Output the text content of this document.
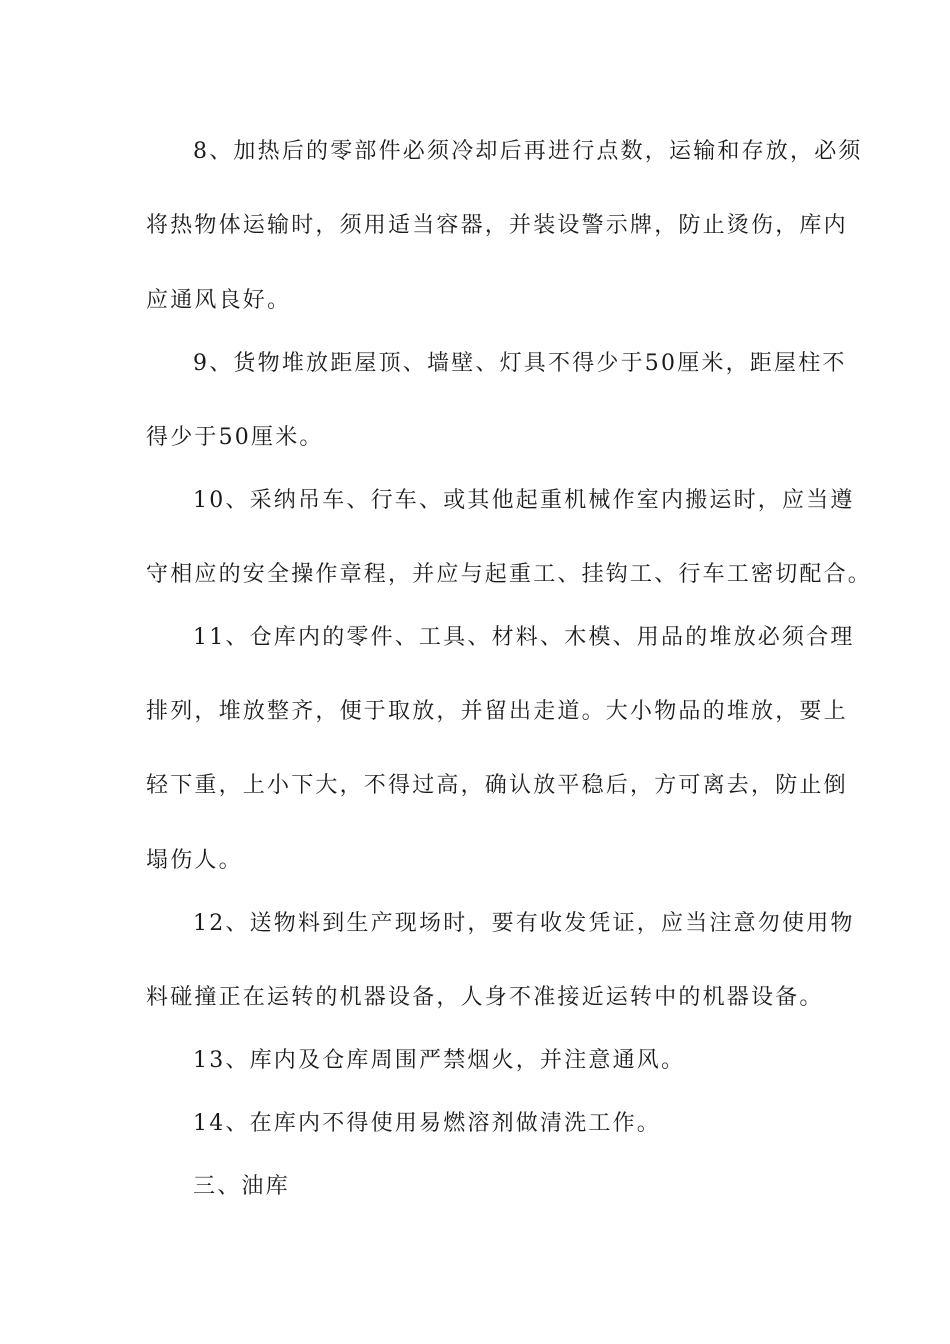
8、加热后的零部件必须冷却后再进行点数，运输和存放，必须
将热物体运输时，须用适当容器，并装设警示牌，防止烫伤，库内
应通风良好。
9、货物堆放距屋顶、墙壁、灯具不得少于50厘米，距屋柱不
得少于50厘米。
10、采纳吊车、行车、或其他起重机械作室内搬运时，应当遵
守相应的安全操作章程，并应与起重工、挂钩工、行车工密切配合。
11、仓库内的零件、工具、材料、木模、用品的堆放必须合理
排列，堆放整齐，便于取放，并留出走道。大小物品的堆放，要上
轻下重，上小下大，不得过高，确认放平稳后，方可离去，防止倒
塌伤人。
12、送物料到生产现场时，要有收发凭证，应当注意勿使用物
料碰撞正在运转的机器设备，人身不准接近运转中的机器设备。
13、库内及仓库周围严禁烟火，并注意通风。
14、在库内不得使用易燃溶剂做清洗工作。
三、油库
